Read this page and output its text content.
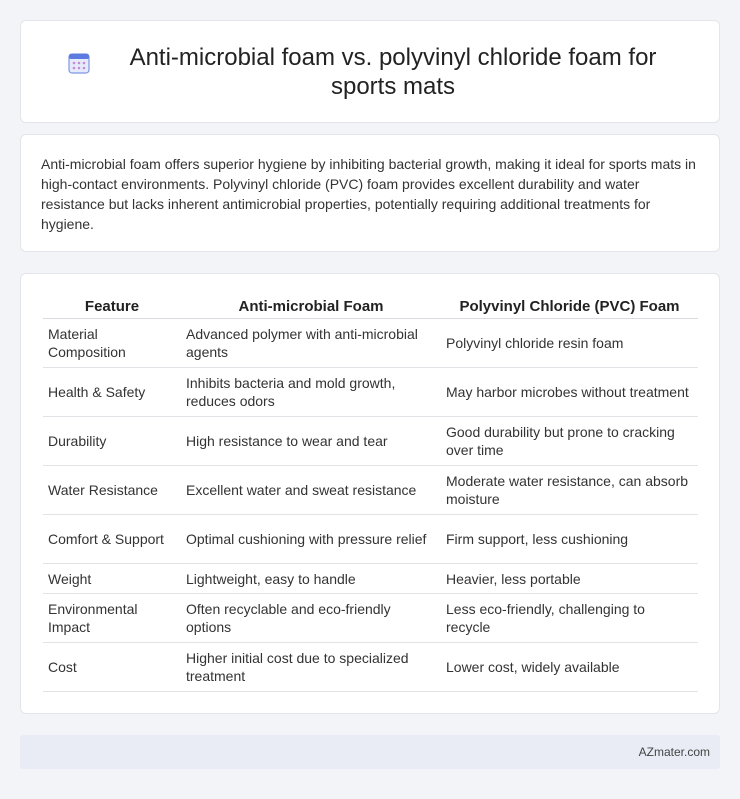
Anti-microbial foam vs. polyvinyl chloride foam for sports mats

Anti-microbial foam offers superior hygiene by inhibiting bacterial growth, making it ideal for sports mats in high-contact environments. Polyvinyl chloride (PVC) foam provides excellent durability and water resistance but lacks inherent antimicrobial properties, potentially requiring additional treatments for hygiene.

Feature	Anti-microbial Foam	Polyvinyl Chloride (PVC) Foam
Material Composition	Advanced polymer with anti-microbial agents	Polyvinyl chloride resin foam
Health & Safety	Inhibits bacteria and mold growth, reduces odors	May harbor microbes without treatment
Durability	High resistance to wear and tear	Good durability but prone to cracking over time
Water Resistance	Excellent water and sweat resistance	Moderate water resistance, can absorb moisture
Comfort & Support	Optimal cushioning with pressure relief	Firm support, less cushioning
Weight	Lightweight, easy to handle	Heavier, less portable
Environmental Impact	Often recyclable and eco-friendly options	Less eco-friendly, challenging to recycle
Cost	Higher initial cost due to specialized treatment	Lower cost, widely available
AZmater.com
